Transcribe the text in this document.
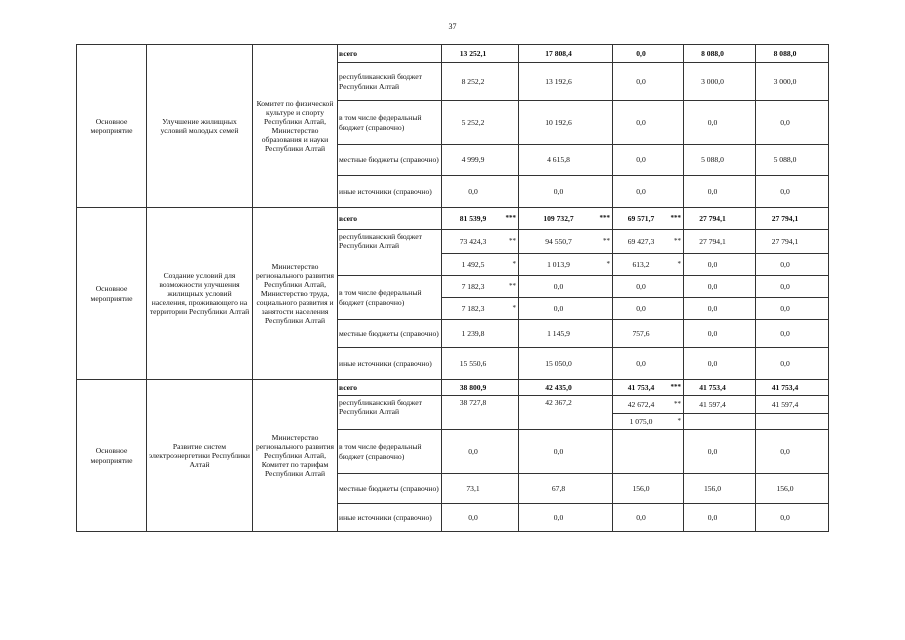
37
Основное мероприятие	Улучшение жилищных условий молодых семей	Комитет по физической культуре и спорту Республики Алтай, Министерство образования и науки Республики Алтай	всего	13 252,1	17 808,4	0,0	8 088,0	8 088,0

			республиканский бюджет Республики Алтай	8 252,2	13 192,6	0,0	3 000,0	3 000,0

			в том числе федеральный бюджет (справочно)	5 252,2	10 192,6	0,0	0,0	0,0

			местные бюджеты (справочно)	4 999,9	4 615,8	0,0	5 088,0	5 088,0

			иные источники (справочно)	0,0	0,0	0,0	0,0	0,0

Основное мероприятие	Создание условий для возможности улучшения жилищных условий населения, проживающего на территории Республики Алтай	Министерство регионального развития Республики Алтай, Министерство труда, социального развития и занятости населения Республики Алтай	всего	81 539,9 ***	109 732,7 ***	69 571,7 ***	27 794,1	27 794,1

			республиканский бюджет Республики Алтай	73 424,3 **	94 550,7 **	69 427,3 **	27 794,1	27 794,1

				1 492,5 *	1 013,9 *	613,2 *	0,0	0,0

			в том числе федеральный бюджет (справочно)	7 182,3 **	0,0	0,0	0,0	0,0

				7 182,3 *	0,0	0,0	0,0	0,0

			местные бюджеты (справочно)	1 239,8	1 145,9	757,6	0,0	0,0

			иные источники (справочно)	15 550,6	15 050,0	0,0	0,0	0,0

Основное мероприятие	Развитие систем электроэнергетики Республики Алтай	Министерство регионального развития Республики Алтай, Комитет по тарифам Республики Алтай	всего	38 800,9	42 435,0	41 753,4 ***	41 753,4	41 753,4

			республиканский бюджет Республики Алтай	38 727,8	42 367,2	42 672,4 **	41 597,4	41 597,4

						1 075,0 *		

			в том числе федеральный бюджет (справочно)	0,0	0,0		0,0	0,0

			местные бюджеты (справочно)	73,1	67,8	156,0	156,0	156,0

			иные источники (справочно)	0,0	0,0	0,0	0,0	0,0
